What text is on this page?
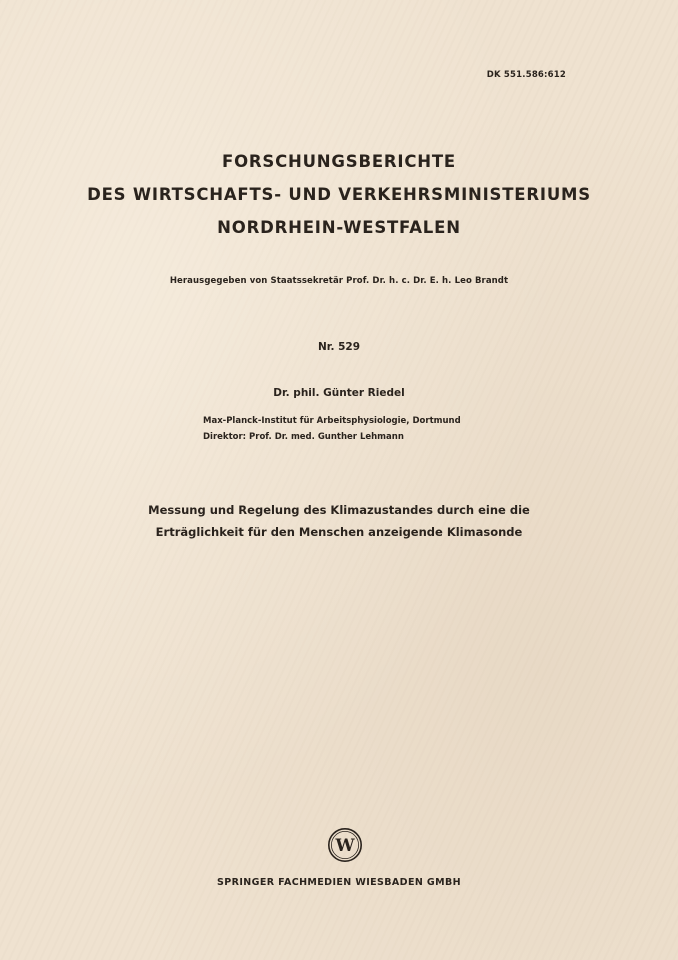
DK 551.586:612
FORSCHUNGSBERICHTE
DES WIRTSCHAFTS- UND VERKEHRSMINISTERIUMS
NORDRHEIN-WESTFALEN
Herausgegeben von Staatssekretär Prof. Dr. h. c. Dr. E. h. Leo Brandt
Nr. 529
Dr. phil. Günter Riedel
Max-Planck-Institut für Arbeitsphysiologie, Dortmund
Direktor: Prof. Dr. med. Gunther Lehmann
Messung und Regelung des Klimazustandes durch eine die
Erträglichkeit für den Menschen anzeigende Klimasonde
W
SPRINGER FACHMEDIEN WIESBADEN GMBH
